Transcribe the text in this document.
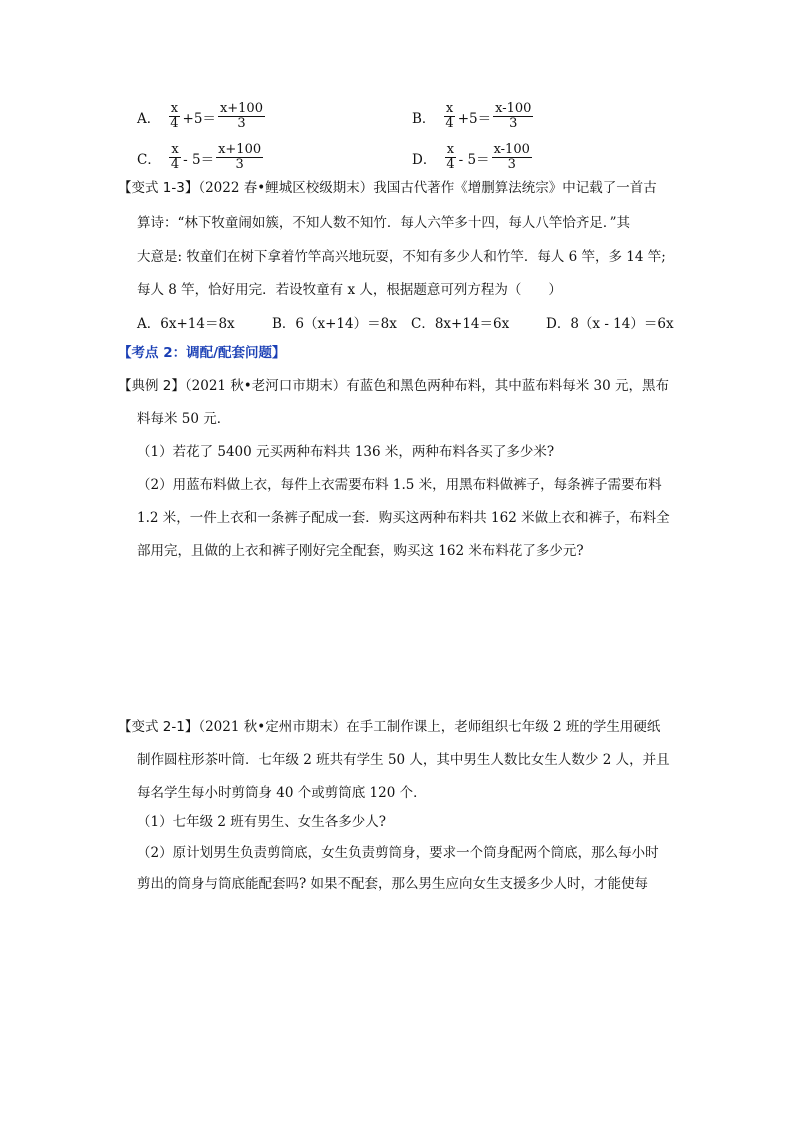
A． $\frac{x}{4} +5= \frac{x+100}{3}$	B． $\frac{x}{4} +5= \frac{x-100}{3}$
C． $\frac{x}{4} - 5= \frac{x+100}{3}$	D． $\frac{x}{4} - 5= \frac{x-100}{3}$
【变式 1-3】（2022 春•鲤城区校级期末）我国古代著作《增删算法统宗》中记载了一首古
算诗：“林下牧童闹如簇，不知人数不知竹．每人六竿多十四，每人八竿恰齐足．”其
大意是: 牧童们在树下拿着竹竿高兴地玩耍，不知有多少人和竹竿．每人 6 竿，多 14 竿;
每人 8 竿，恰好用完．若设牧童有 x 人，根据题意可列方程为（　　）
A．6x+14＝8x	B．6（x+14）＝8x C．8x+14＝6x	D．8（x - 14）＝6x
【考点 2：调配/配套问题】
【典例 2】（2021 秋•老河口市期末）有蓝色和黑色两种布料，其中蓝布料每米 30 元，黑布
料每米 50 元．
（1）若花了 5400 元买两种布料共 136 米，两种布料各买了多少米?
（2）用蓝布料做上衣，每件上衣需要布料 1.5 米，用黑布料做裤子，每条裤子需要布料
1.2 米，一件上衣和一条裤子配成一套．购买这两种布料共 162 米做上衣和裤子，布料全
部用完，且做的上衣和裤子刚好完全配套，购买这 162 米布料花了多少元?
【变式 2-1】（2021 秋•定州市期末）在手工制作课上，老师组织七年级 2 班的学生用硬纸
制作圆柱形茶叶筒．七年级 2 班共有学生 50 人，其中男生人数比女生人数少 2 人，并且
每名学生每小时剪筒身 40 个或剪筒底 120 个．
（1）七年级 2 班有男生、女生各多少人?
（2）原计划男生负责剪筒底，女生负责剪筒身，要求一个筒身配两个筒底，那么每小时
剪出的筒身与筒底能配套吗? 如果不配套，那么男生应向女生支援多少人时，才能使每
